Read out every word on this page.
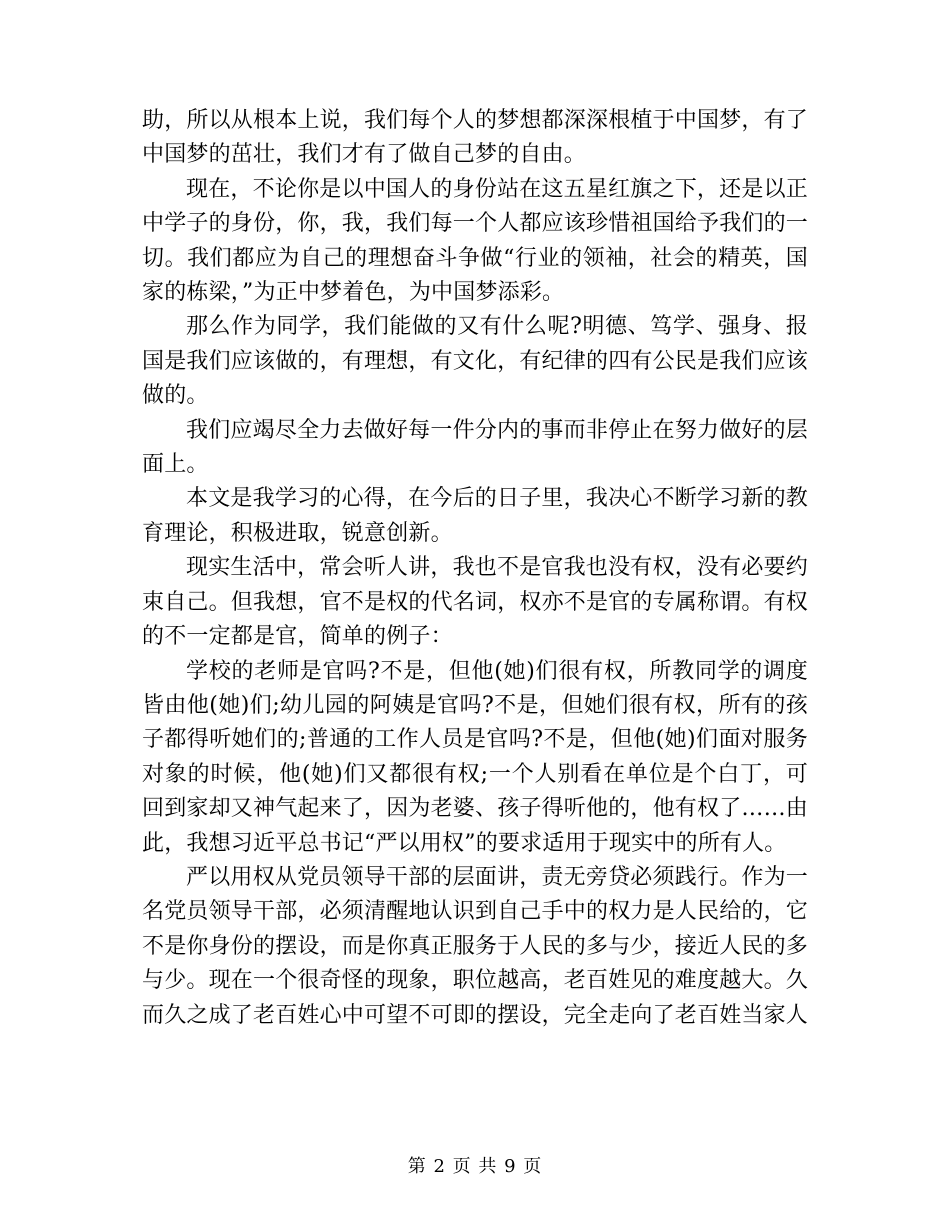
助，所以从根本上说，我们每个人的梦想都深深根植于中国梦，有了中国梦的茁壮，我们才有了做自己梦的自由。

现在，不论你是以中国人的身份站在这五星红旗之下，还是以正中学子的身份，你，我，我们每一个人都应该珍惜祖国给予我们的一切。我们都应为自己的理想奋斗争做“行业的领袖，社会的精英，国家的栋梁，”为正中梦着色，为中国梦添彩。

那么作为同学，我们能做的又有什么呢?明德、笃学、强身、报国是我们应该做的，有理想，有文化，有纪律的四有公民是我们应该做的。

我们应竭尽全力去做好每一件分内的事而非停止在努力做好的层面上。

本文是我学习的心得，在今后的日子里，我决心不断学习新的教育理论，积极进取，锐意创新。

现实生活中，常会听人讲，我也不是官我也没有权，没有必要约束自己。但我想，官不是权的代名词，权亦不是官的专属称谓。有权的不一定都是官，简单的例子：

学校的老师是官吗?不是，但他(她)们很有权，所教同学的调度皆由他(她)们;幼儿园的阿姨是官吗?不是，但她们很有权，所有的孩子都得听她们的;普通的工作人员是官吗?不是，但他(她)们面对服务对象的时候，他(她)们又都很有权;一个人别看在单位是个白丁，可回到家却又神气起来了，因为老婆、孩子得听他的，他有权了……由此，我想习近平总书记“严以用权”的要求适用于现实中的所有人。

严以用权从党员领导干部的层面讲，责无旁贷必须践行。作为一名党员领导干部，必须清醒地认识到自己手中的权力是人民给的，它不是你身份的摆设，而是你真正服务于人民的多与少，接近人民的多与少。现在一个很奇怪的现象，职位越高，老百姓见的难度越大。久而久之成了老百姓心中可望不可即的摆设，完全走向了老百姓当家人

第 2 页 共 9 页
